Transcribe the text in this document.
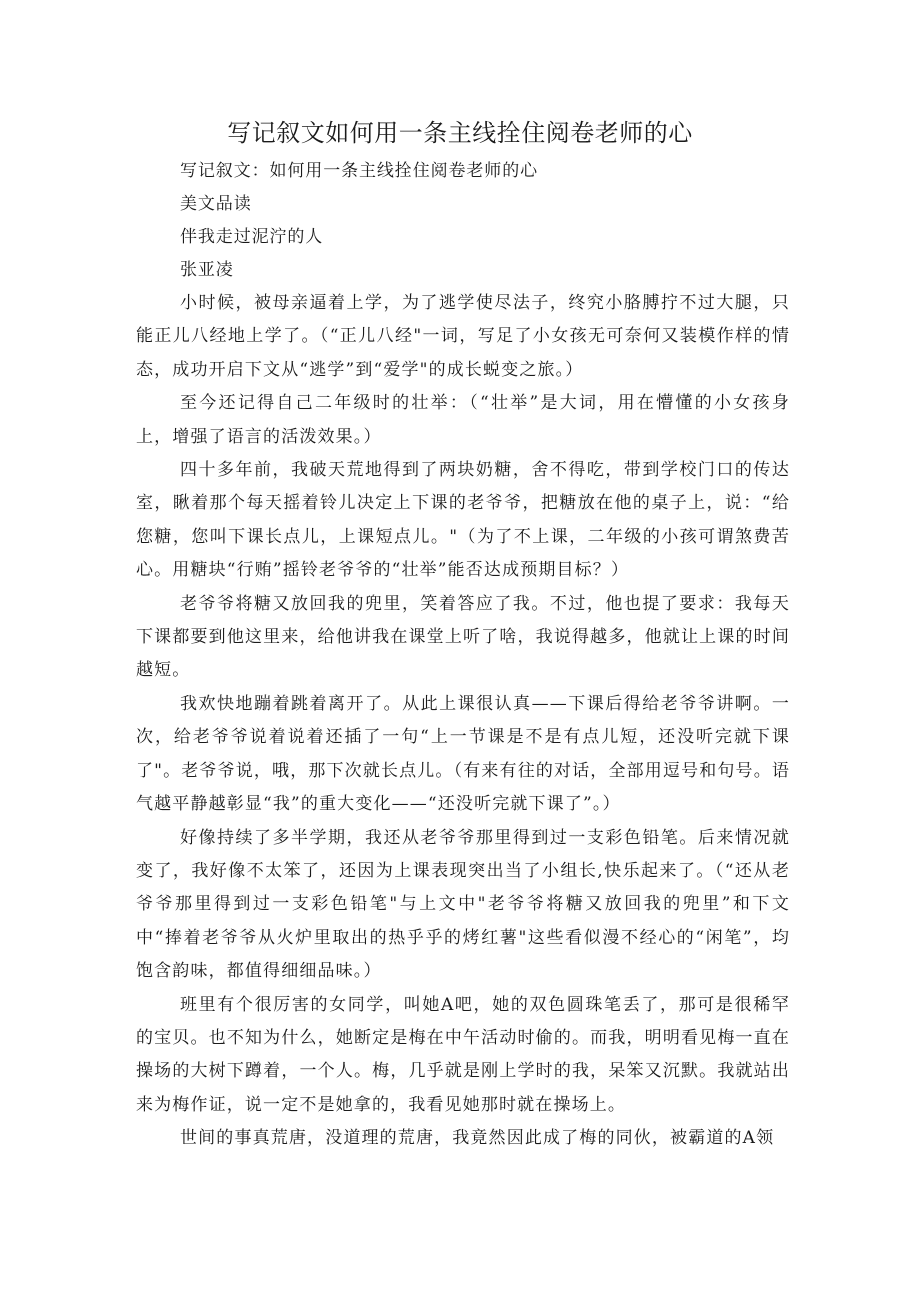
写记叙文如何用一条主线拴住阅卷老师的心

写记叙文：如何用一条主线拴住阅卷老师的心

美文品读

伴我走过泥泞的人

张亚凌

小时候，被母亲逼着上学，为了逃学使尽法子，终究小胳膊拧不过大腿，只能正儿八经地上学了。（“正儿八经"一词，写足了小女孩无可奈何又装模作样的情态，成功开启下文从“逃学”到“爱学"的成长蜕变之旅。）

至今还记得自己二年级时的壮举：（“壮举”是大词，用在懵懂的小女孩身上，增强了语言的活泼效果。）

四十多年前，我破天荒地得到了两块奶糖，舍不得吃，带到学校门口的传达室，瞅着那个每天摇着铃儿决定上下课的老爷爷，把糖放在他的桌子上，说：“给您糖，您叫下课长点儿，上课短点儿。"（为了不上课，二年级的小孩可谓煞费苦心。用糖块“行贿”摇铃老爷爷的“壮举”能否达成预期目标？）

老爷爷将糖又放回我的兜里，笑着答应了我。不过，他也提了要求：我每天下课都要到他这里来，给他讲我在课堂上听了啥，我说得越多，他就让上课的时间越短。

我欢快地蹦着跳着离开了。从此上课很认真——下课后得给老爷爷讲啊。一次，给老爷爷说着说着还插了一句“上一节课是不是有点儿短，还没听完就下课了"。老爷爷说，哦，那下次就长点儿。（有来有往的对话，全部用逗号和句号。语气越平静越彰显“我”的重大变化——“还没听完就下课了”。）

好像持续了多半学期，我还从老爷爷那里得到过一支彩色铅笔。后来情况就变了，我好像不太笨了，还因为上课表现突出当了小组长,快乐起来了。（“还从老爷爷那里得到过一支彩色铅笔"与上文中"老爷爷将糖又放回我的兜里”和下文中“捧着老爷爷从火炉里取出的热乎乎的烤红薯"这些看似漫不经心的“闲笔”，均饱含韵味，都值得细细品味。）

班里有个很厉害的女同学，叫她A吧，她的双色圆珠笔丢了，那可是很稀罕的宝贝。也不知为什么，她断定是梅在中午活动时偷的。而我，明明看见梅一直在操场的大树下蹲着，一个人。梅，几乎就是刚上学时的我，呆笨又沉默。我就站出来为梅作证，说一定不是她拿的，我看见她那时就在操场上。

世间的事真荒唐，没道理的荒唐，我竟然因此成了梅的同伙，被霸道的A领
